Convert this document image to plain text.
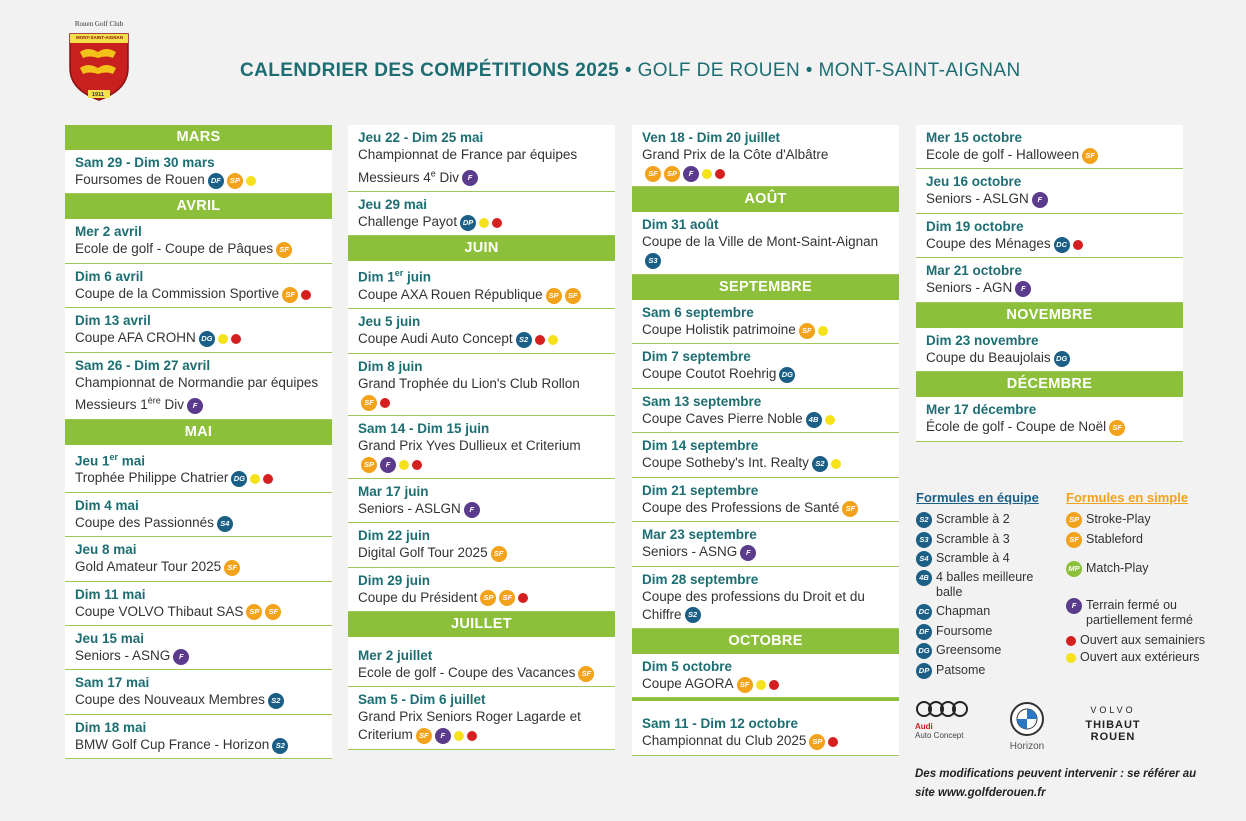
Rouen Golf Club
MONT-SAINT-AIGNAN
1911
CALENDRIER DES COMPÉTITIONS 2025 • GOLF DE ROUEN • MONT-SAINT-AIGNAN
MARS
Sam 29 - Dim 30 mars
Foursomes de Rouen DF SP
AVRIL
Mer 2 avril
Ecole de golf - Coupe de Pâques SF
Dim 6 avril
Coupe de la Commission Sportive SF
Dim 13 avril
Coupe AFA CROHN DG
Sam 26 - Dim 27 avril
Championnat de Normandie par équipes Messieurs 1ère Div F
MAI
Jeu 1er mai
Trophée Philippe Chatrier DG
Dim 4 mai
Coupe des Passionnés S4
Jeu 8 mai
Gold Amateur Tour 2025 SF
Dim 11 mai
Coupe VOLVO Thibaut SAS SP SF
Jeu 15 mai
Seniors - ASNG F
Sam 17 mai
Coupe des Nouveaux Membres S2
Dim 18 mai
BMW Golf Cup France - Horizon S2
Jeu 22 - Dim 25 mai
Championnat de France par équipes Messieurs 4e Div F
Jeu 29 mai
Challenge Payot DP
JUIN
Dim 1er juin
Coupe AXA Rouen République SP SF
Jeu 5 juin
Coupe Audi Auto Concept S2
Dim 8 juin
Grand Trophée du Lion's Club RollonSF
Sam 14 - Dim 15 juin
Grand Prix Yves Dullieux et CriteriumSP F
Mar 17 juin
Seniors - ASLGN F
Dim 22 juin
Digital Golf Tour 2025 SF
Dim 29 juin
Coupe du Président SP SF
JUILLET
Mer 2 juillet
Ecole de golf - Coupe des Vacances SF
Sam 5 - Dim 6 juillet
Grand Prix Seniors Roger Lagarde et Criterium SF F
Ven 18 - Dim 20 juillet
Grand Prix de la Côte d'AlbâtreSF SP F
AOÛT
Dim 31 août
Coupe de la Ville de Mont-Saint-AignanS3
SEPTEMBRE
Sam 6 septembre
Coupe Holistik patrimoine SF
Dim 7 septembre
Coupe Coutot Roehrig DG
Sam 13 septembre
Coupe Caves Pierre Noble 4B
Dim 14 septembre
Coupe Sotheby's Int. Realty S2
Dim 21 septembre
Coupe des Professions de Santé SF
Mar 23 septembre
Seniors - ASNG F
Dim 28 septembre
Coupe des professions du Droit et du Chiffre S2
OCTOBRE
Dim 5 octobre
Coupe AGORA SF
Sam 11 - Dim 12 octobre
Championnat du Club 2025 SP
Mer 15 octobre
Ecole de golf - Halloween SF
Jeu 16 octobre
Seniors - ASLGN F
Dim 19 octobre
Coupe des Ménages DC
Mar 21 octobre
Seniors - AGN F
NOVEMBRE
Dim 23 novembre
Coupe du Beaujolais DG
DÉCEMBRE
Mer 17 décembre
École de golf - Coupe de Noël SF
Formules en équipe Formules en simple
S2 Scramble à 2
S3 Scramble à 3
S4 Scramble à 4
4B 4 balles meilleure balle
DC Chapman
DF Foursome
DG Greensome
DP Patsome
SP Stroke-Play
SF Stableford
MP Match-Play
F Terrain fermé ou partiellement fermé
Ouvert aux semainiers
Ouvert aux extérieurs
Audi
Auto Concept
Horizon
VOLVO
THIBAUT
ROUEN
Des modifications peuvent intervenir : se référer au site www.golfderouen.fr
